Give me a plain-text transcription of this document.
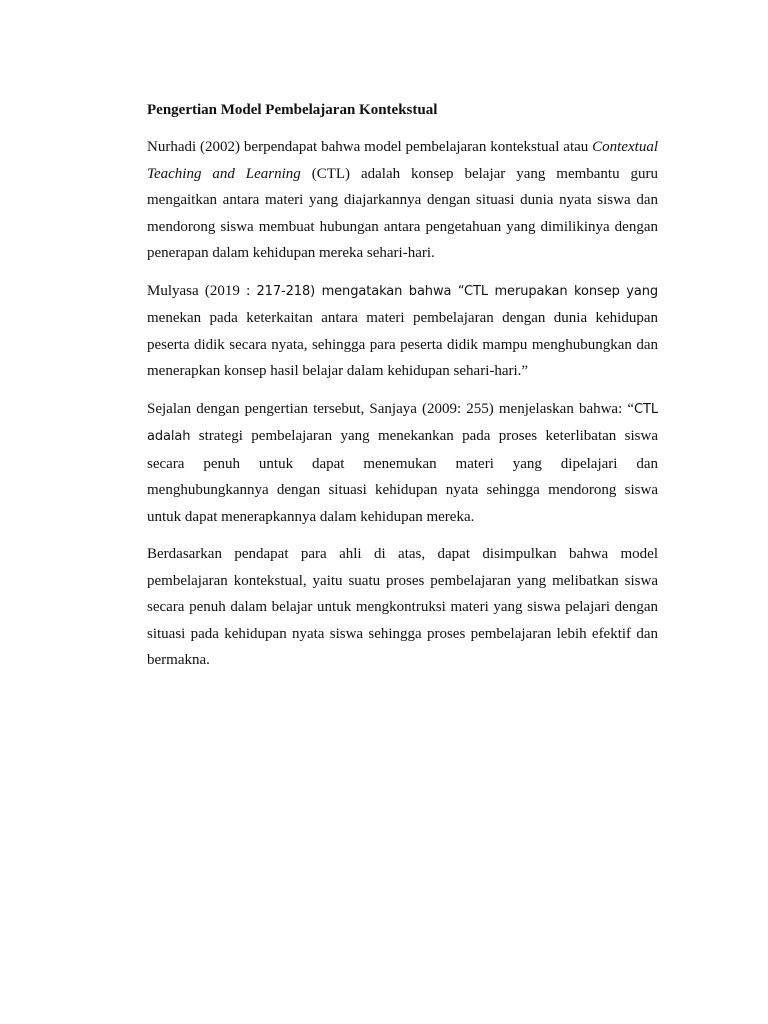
Pengertian Model Pembelajaran Kontekstual

Nurhadi (2002) berpendapat bahwa model pembelajaran kontekstual atau Contextual Teaching and Learning (CTL) adalah konsep belajar yang membantu guru mengaitkan antara materi yang diajarkannya dengan situasi dunia nyata siswa dan mendorong siswa membuat hubungan antara pengetahuan yang dimilikinya dengan penerapan dalam kehidupan mereka sehari-hari.

Mulyasa (2019 : 217-218) mengatakan bahwa “CTL merupakan konsep yang menekan pada keterkaitan antara materi pembelajaran dengan dunia kehidupan peserta didik secara nyata, sehingga para peserta didik mampu menghubungkan dan menerapkan konsep hasil belajar dalam kehidupan sehari-hari.”

Sejalan dengan pengertian tersebut, Sanjaya (2009: 255) menjelaskan bahwa: “CTL adalah strategi pembelajaran yang menekankan pada proses keterlibatan siswa secara penuh untuk dapat menemukan materi yang dipelajari dan menghubungkannya dengan situasi kehidupan nyata sehingga mendorong siswa untuk dapat menerapkannya dalam kehidupan mereka.

Berdasarkan pendapat para ahli di atas, dapat disimpulkan bahwa model pembelajaran kontekstual, yaitu suatu proses pembelajaran yang melibatkan siswa secara penuh dalam belajar untuk mengkontruksi materi yang siswa pelajari dengan situasi pada kehidupan nyata siswa sehingga proses pembelajaran lebih efektif dan bermakna.
